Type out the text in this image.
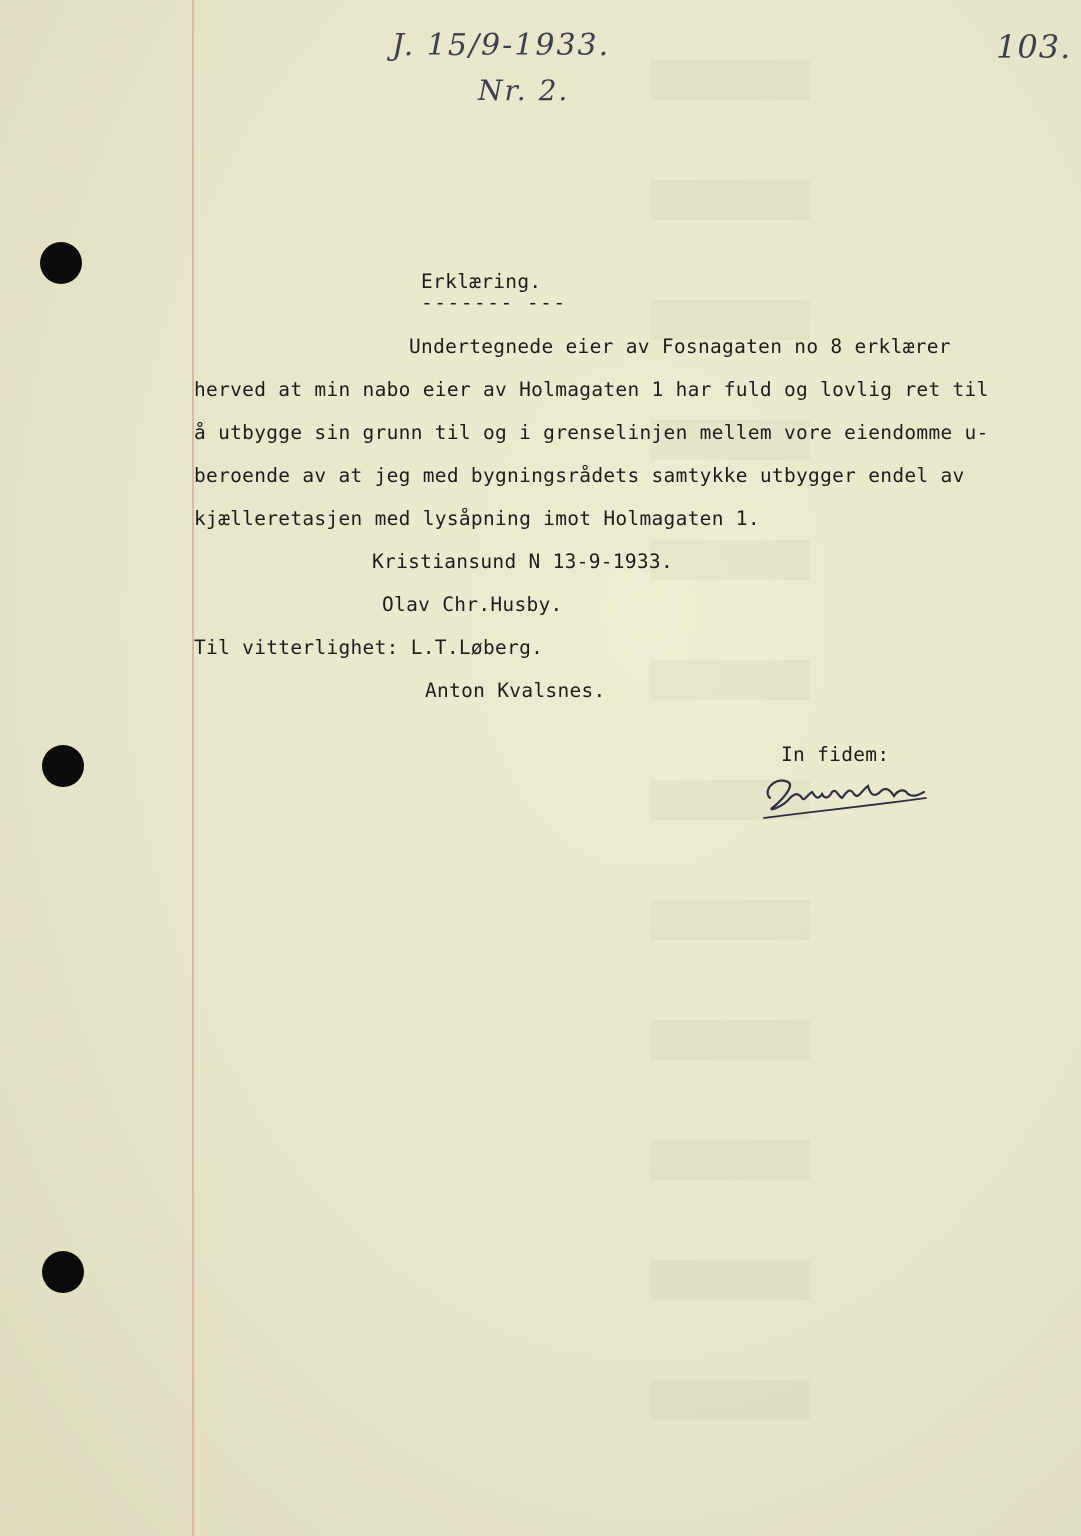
J. 15/9-1933.
Nr. 2.
103.
Erklæring.
------- ---
Undertegnede eier av Fosnagaten no 8 erklærer
herved at min nabo eier av Holmagaten 1 har fuld og lovlig ret til
å utbygge sin grunn til og i grenselinjen mellem vore eiendomme u-
beroende av at jeg med bygningsrådets samtykke utbygger endel av
kjælleretasjen med lysåpning imot Holmagaten 1.
Kristiansund N 13-9-1933.
Olav Chr.Husby.
Til vitterlighet: L.T.Løberg.
Anton Kvalsnes.
In fidem:
